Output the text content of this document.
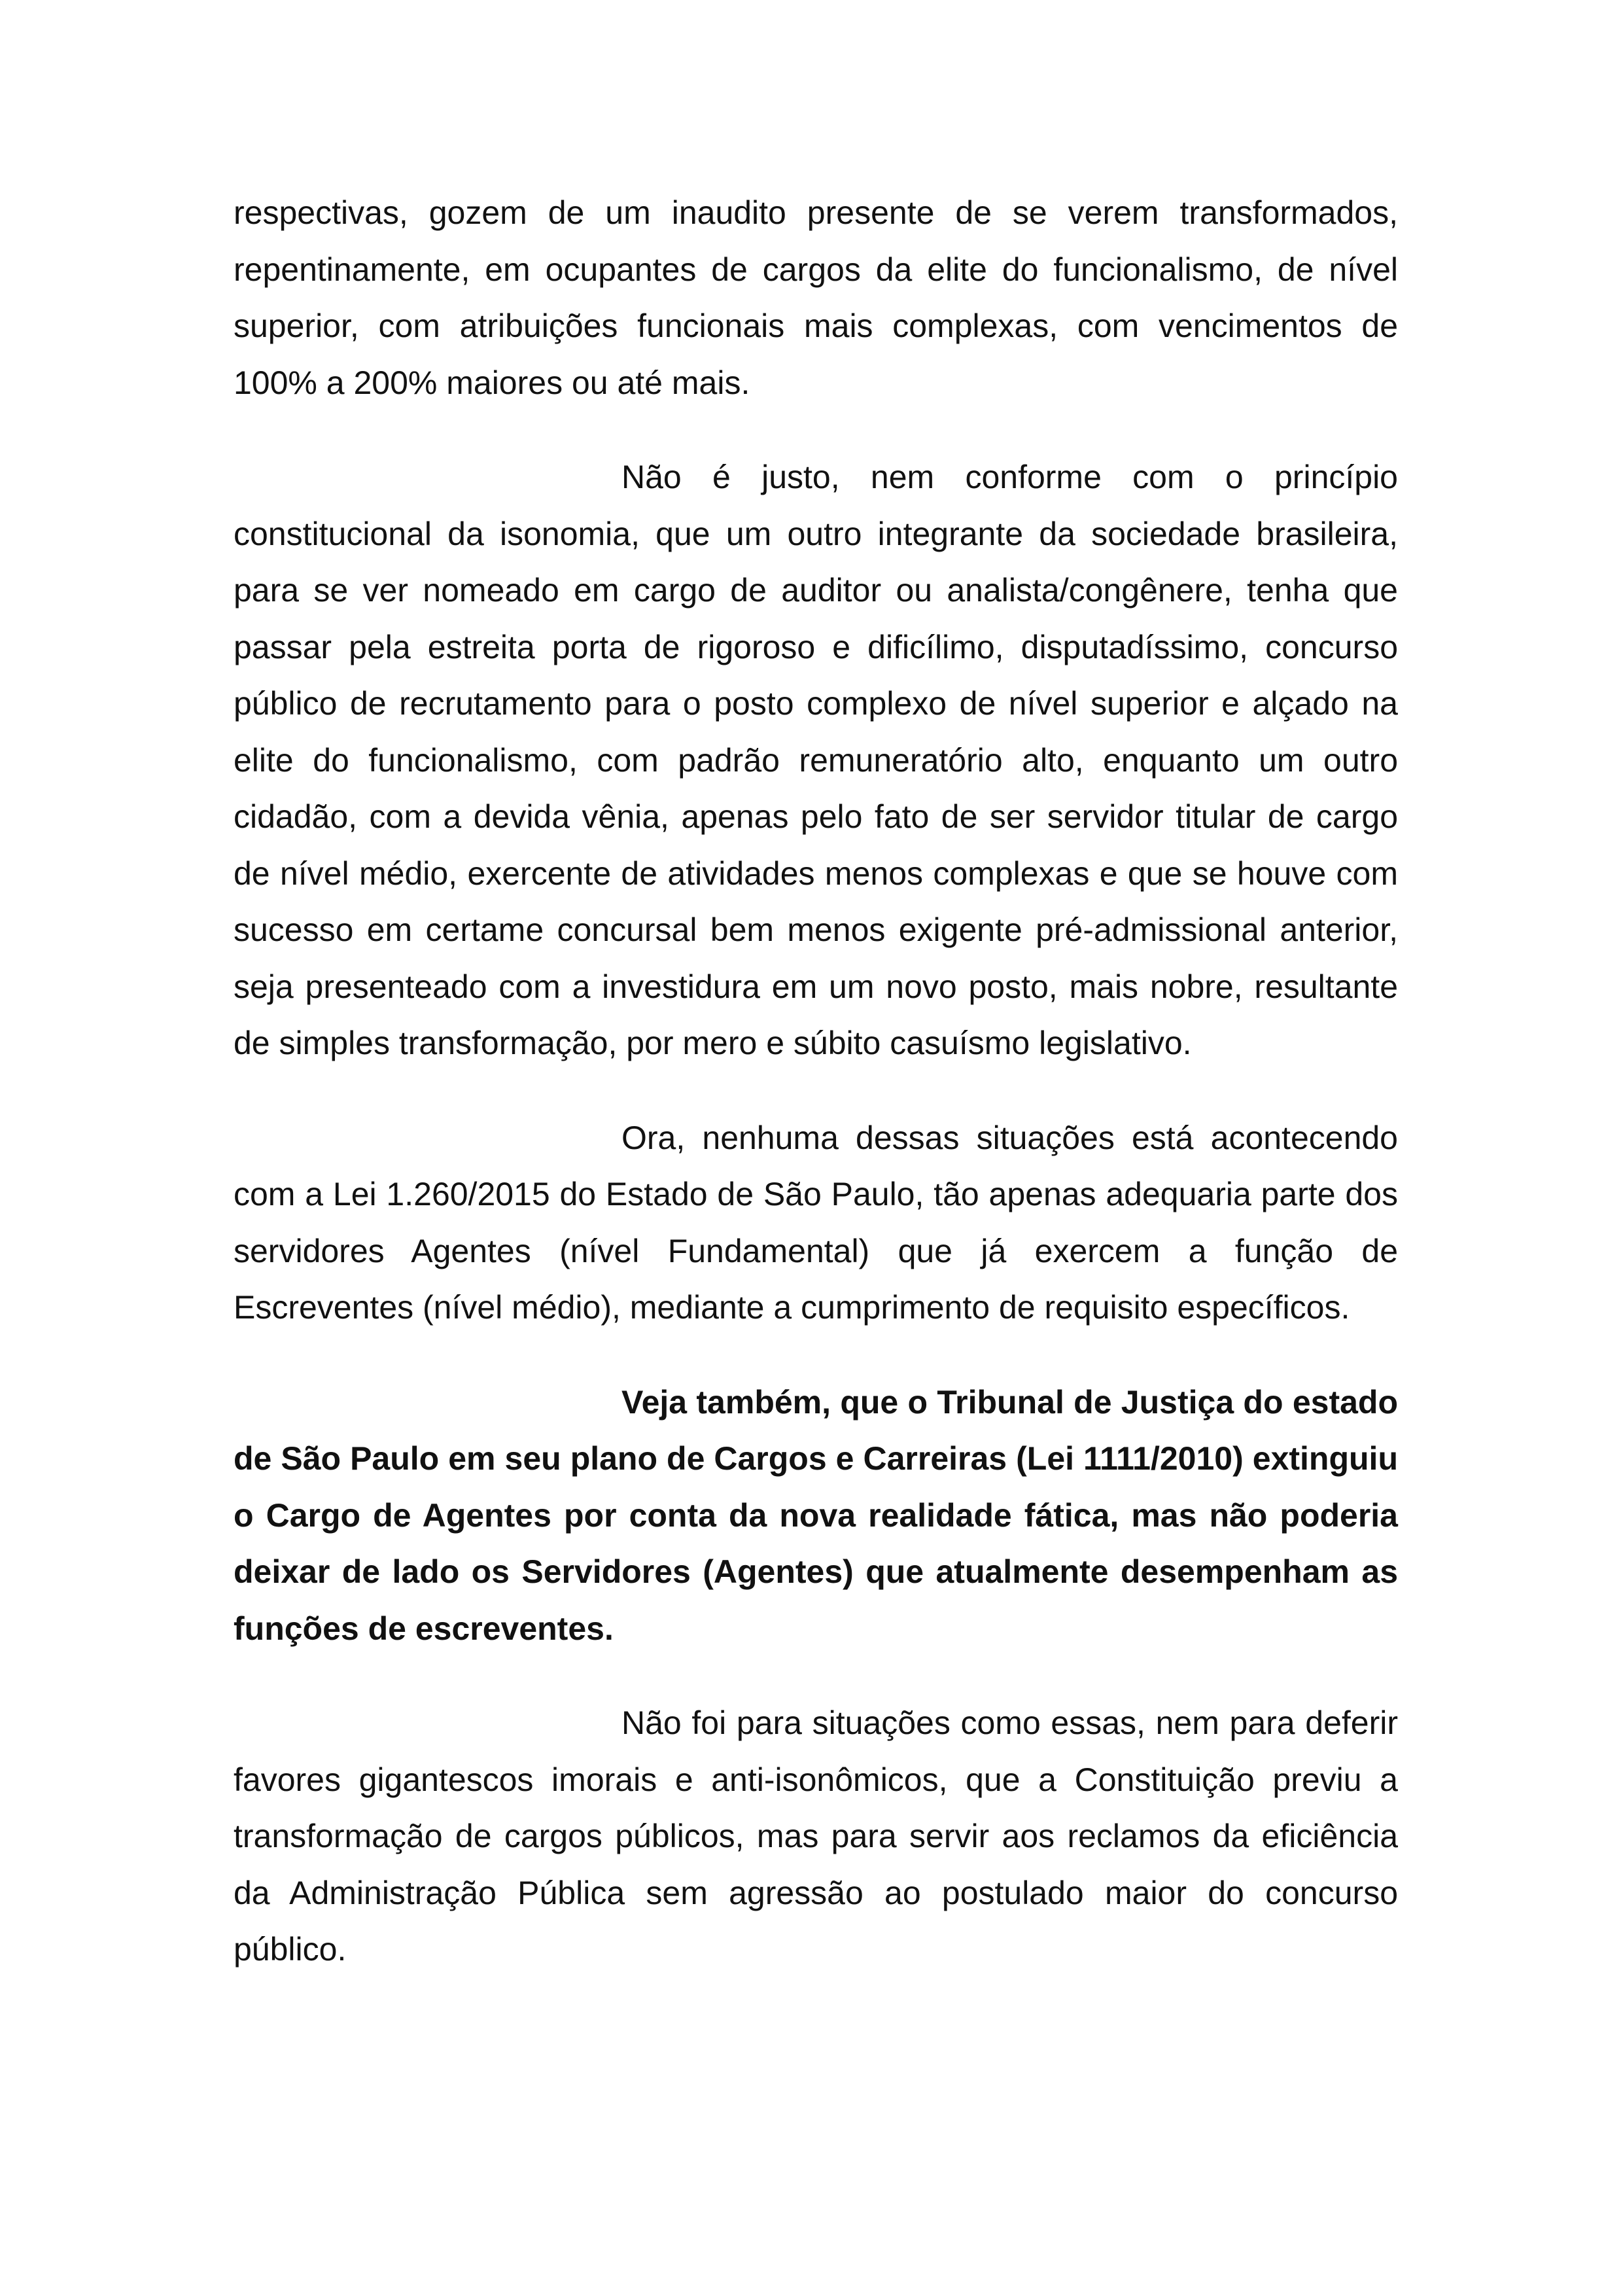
respectivas, gozem de um inaudito presente de se verem transformados, repentinamente, em ocupantes de cargos da elite do funcionalismo, de nível superior, com atribuições funcionais mais complexas, com vencimentos de 100% a 200% maiores ou até mais.

Não é justo, nem conforme com o princípio constitucional da isonomia, que um outro integrante da sociedade brasileira, para se ver nomeado em cargo de auditor ou analista/congênere, tenha que passar pela estreita porta de rigoroso e dificílimo, disputadíssimo, concurso público de recrutamento para o posto complexo de nível superior e alçado na elite do funcionalismo, com padrão remuneratório alto, enquanto um outro cidadão, com a devida vênia, apenas pelo fato de ser servidor titular de cargo de nível médio, exercente de atividades menos complexas e que se houve com sucesso em certame concursal bem menos exigente pré-admissional anterior, seja presenteado com a investidura em um novo posto, mais nobre, resultante de simples transformação, por mero e súbito casuísmo legislativo.

Ora, nenhuma dessas situações está acontecendo com a Lei 1.260/2015 do Estado de São Paulo, tão apenas adequaria parte dos servidores Agentes (nível Fundamental) que já exercem a função de Escreventes (nível médio), mediante a cumprimento de requisito específicos.

Veja também, que o Tribunal de Justiça do estado de São Paulo em seu plano de Cargos e Carreiras (Lei 1111/2010) extinguiu o Cargo de Agentes por conta da nova realidade fática, mas não poderia deixar de lado os Servidores (Agentes) que atualmente desempenham as funções de escreventes.

Não foi para situações como essas, nem para deferir favores gigantescos imorais e anti-isonômicos, que a Constituição previu a transformação de cargos públicos, mas para servir aos reclamos da eficiência da Administração Pública sem agressão ao postulado maior do concurso público.
